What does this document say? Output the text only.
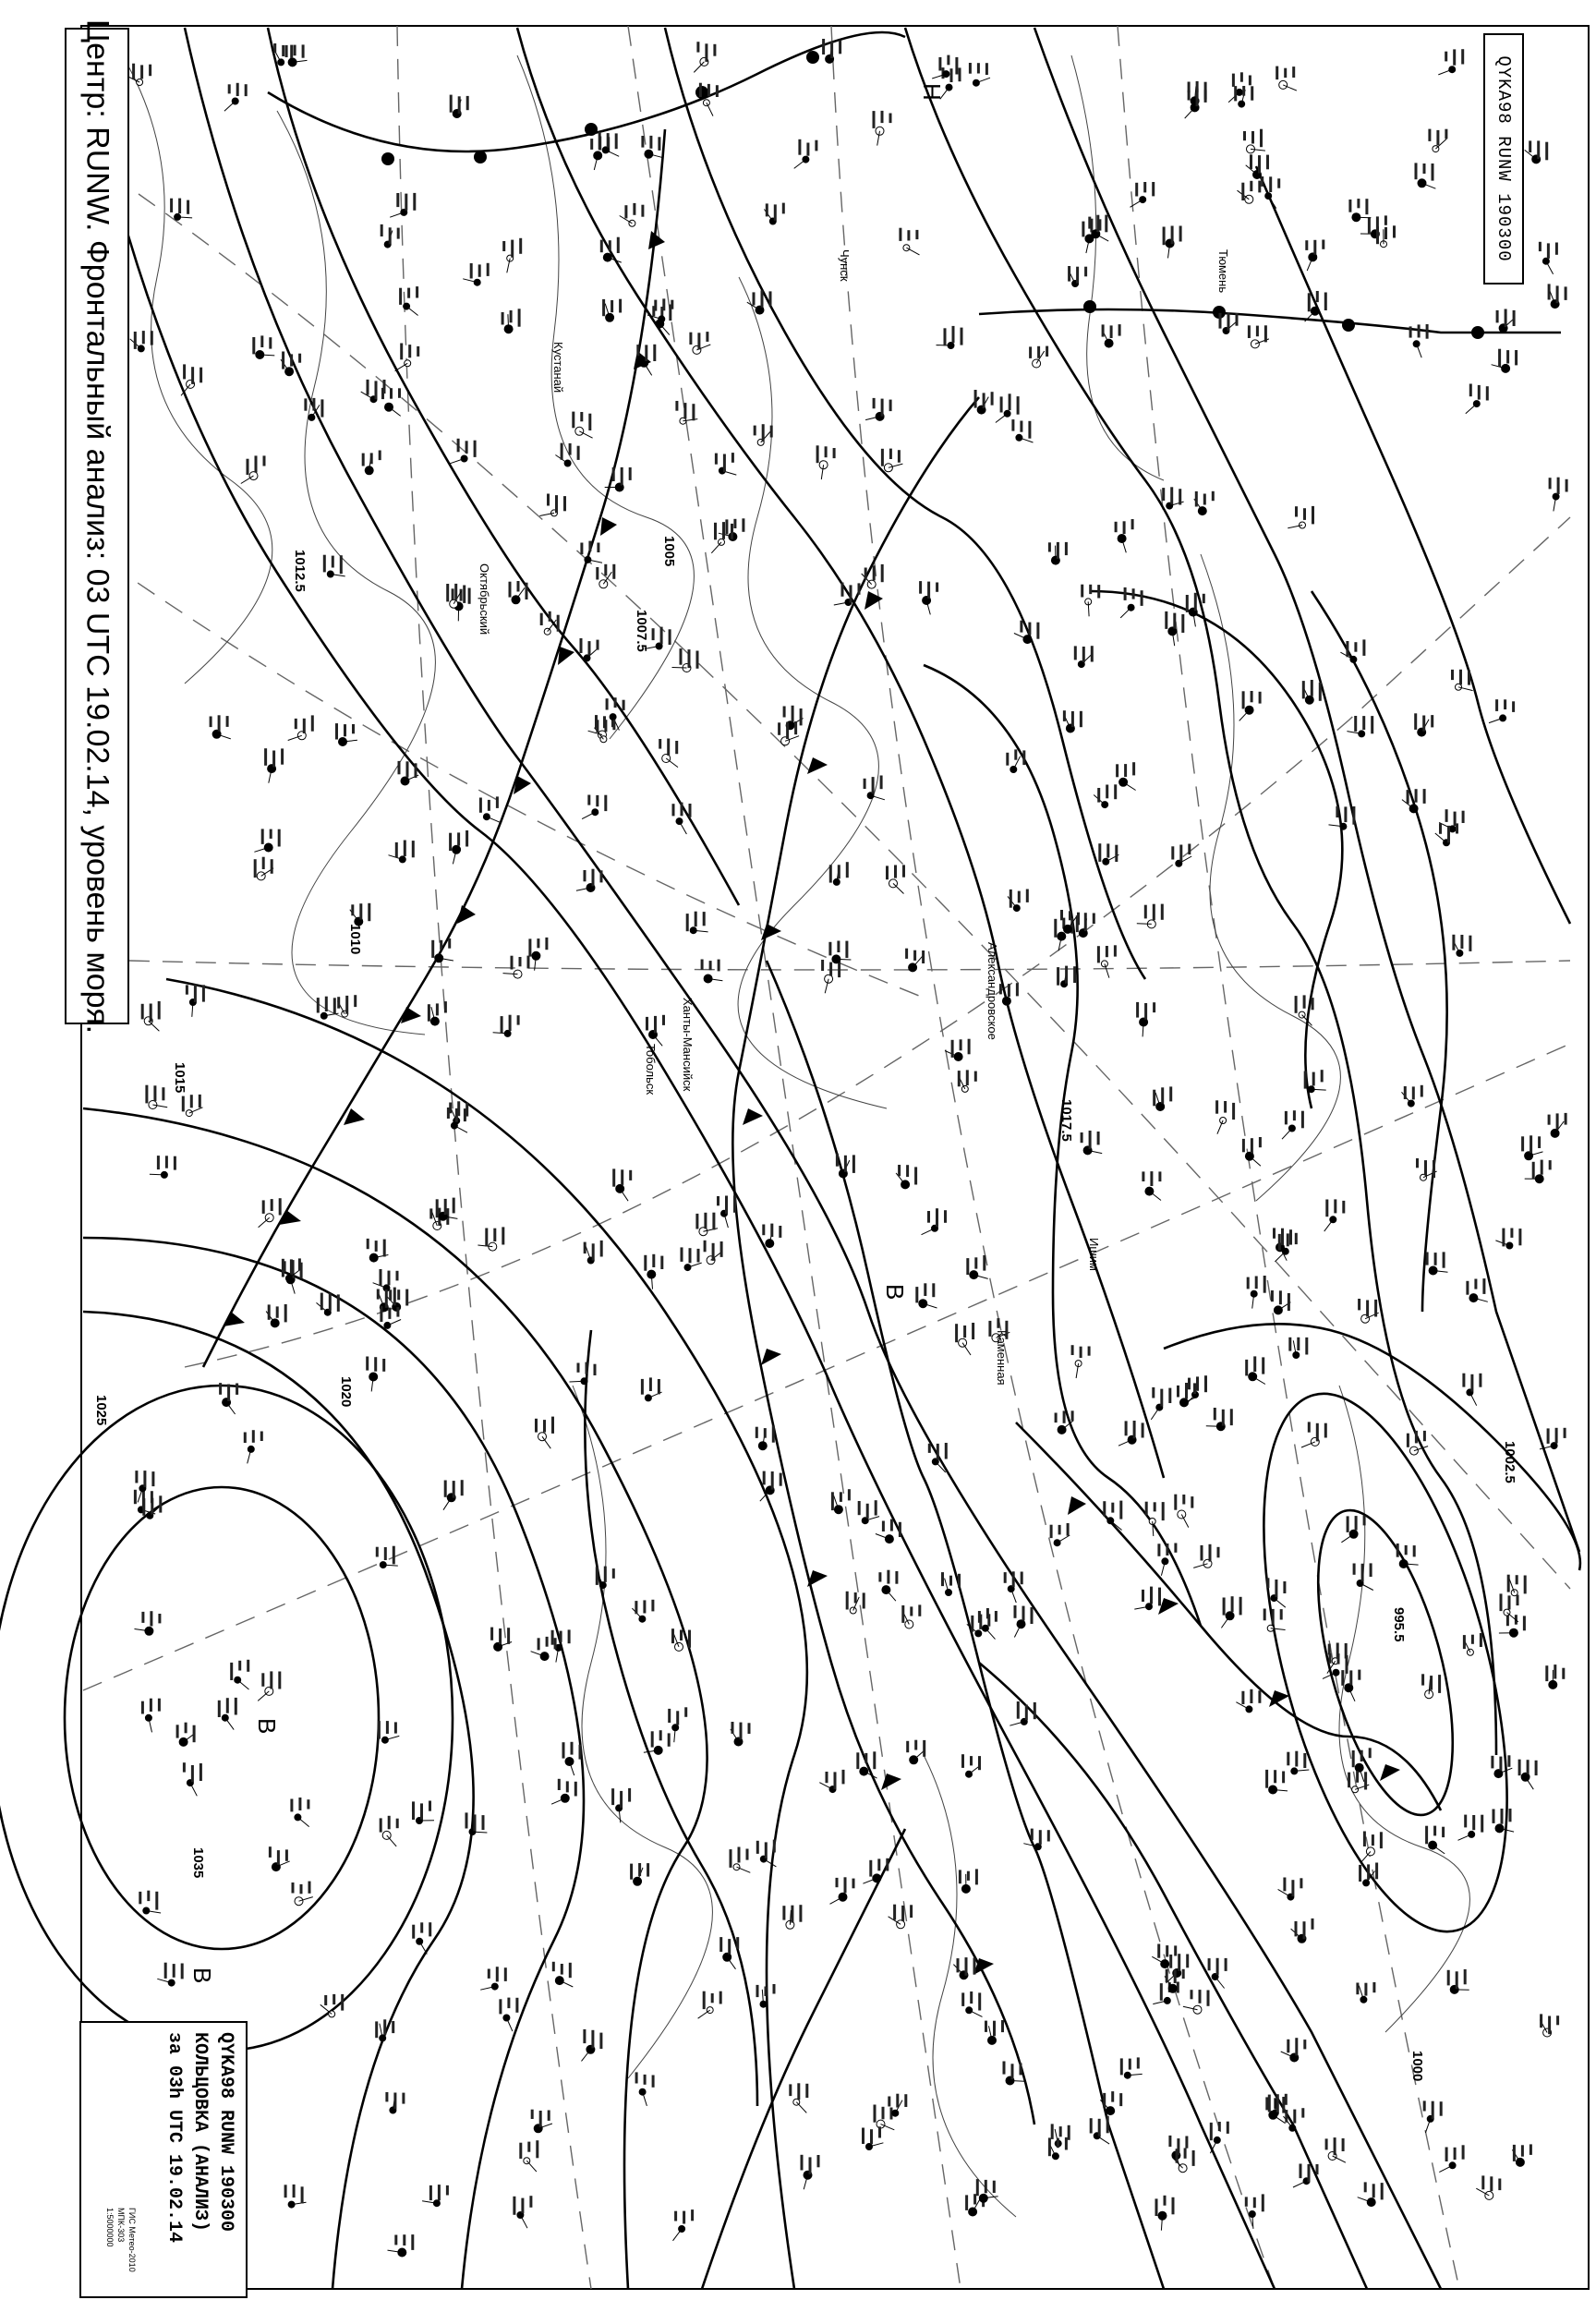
1002.5
1005
1007.5
1010
1012.5
1015
1017.5
1020
1025
1035
1000
995.5
B
B
H
B
Кустанай
Александровское
Октябрьский
Каменная
Чунск	Тюмень
Тобольск Ханты-Мансийск
Ишим
Центр: RUNW. Фронтальный анализ: 03 UTC 19.02.14, уровень моря.	QYKA98 RUNW 190300
QYKA98 RUNW 190300
КОЛЬЦОВКА (АНАЛИЗ)
за 03h UTC 19.02.14
ГИС Метео-2010
МПК-303
1:5000000
